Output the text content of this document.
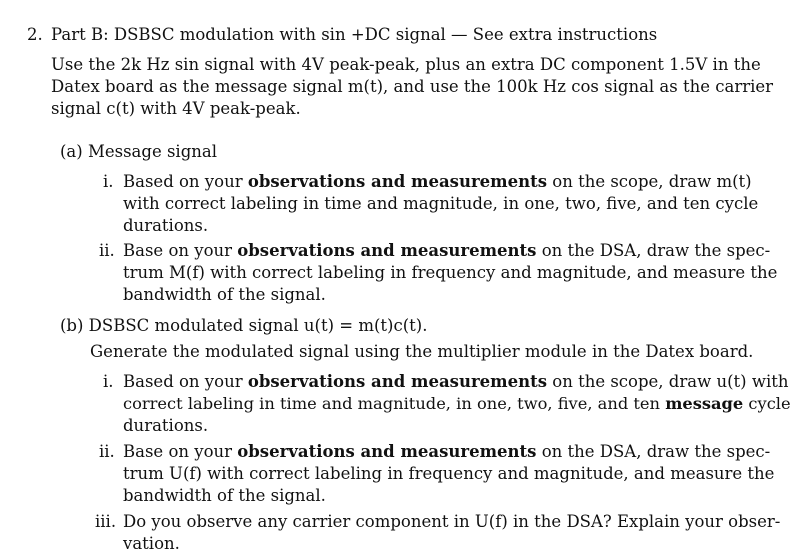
2. Part B: DSBSC modulation with sin +DC signal — See extra instructions
Use the 2k Hz sin signal with 4V peak-peak, plus an extra DC component 1.5V in the
Datex board as the message signal m(t), and use the 100k Hz cos signal as the carrier
signal c(t) with 4V peak-peak.
(a) Message signal
i. Based on your observations and measurements on the scope, draw m(t)
with correct labeling in time and magnitude, in one, two, five, and ten cycle
durations.
ii. Base on your observations and measurements on the DSA, draw the spec-
trum M(f) with correct labeling in frequency and magnitude, and measure the
bandwidth of the signal.
(b) DSBSC modulated signal u(t) = m(t)c(t).
Generate the modulated signal using the multiplier module in the Datex board.
i. Based on your observations and measurements on the scope, draw u(t) with
correct labeling in time and magnitude, in one, two, five, and ten message cycle
durations.
ii. Base on your observations and measurements on the DSA, draw the spec-
trum U(f) with correct labeling in frequency and magnitude, and measure the
bandwidth of the signal.
iii. Do you observe any carrier component in U(f) in the DSA? Explain your obser-
vation.
